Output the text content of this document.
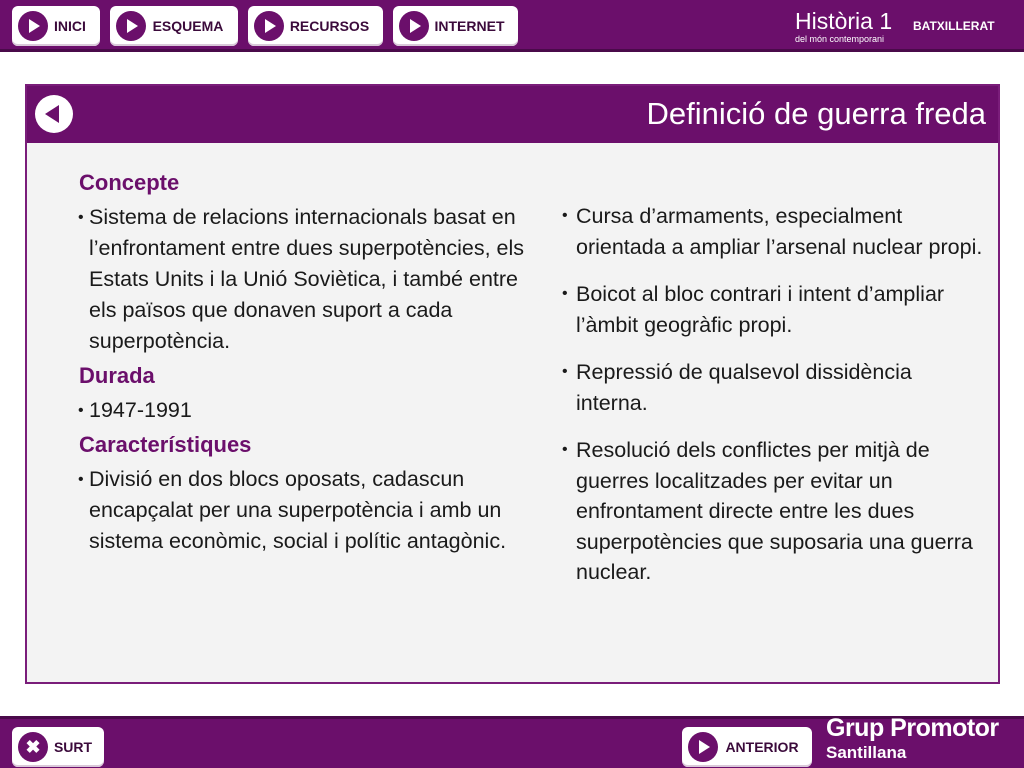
INICI	ESQUEMA	RECURSOS	INTERNET	Història 1 BATXILLERAT
del món contemporani
Definició de guerra freda
Concepte
• Sistema de relacions internacionals basat en l’enfrontament entre dues superpotències, els Estats Units i la Unió Soviètica, i també entre els països que donaven suport a cada superpotència.
Durada
• 1947-1991
Característiques
• Divisió en dos blocs oposats, cadascun encapçalat per una superpotència i amb un sistema econòmic, social i polític antagònic.
• Cursa d’armaments, especialment orientada a ampliar l’arsenal nuclear propi.
• Boicot al bloc contrari i intent d’ampliar l’àmbit geogràfic propi.
• Repressió de qualsevol dissidència interna.
• Resolució dels conflictes per mitjà de guerres localitzades per evitar un enfrontament directe entre les dues superpotències que suposaria una guerra nuclear.
✖ SURT	ANTERIOR
Grup Promotor
Santillana
